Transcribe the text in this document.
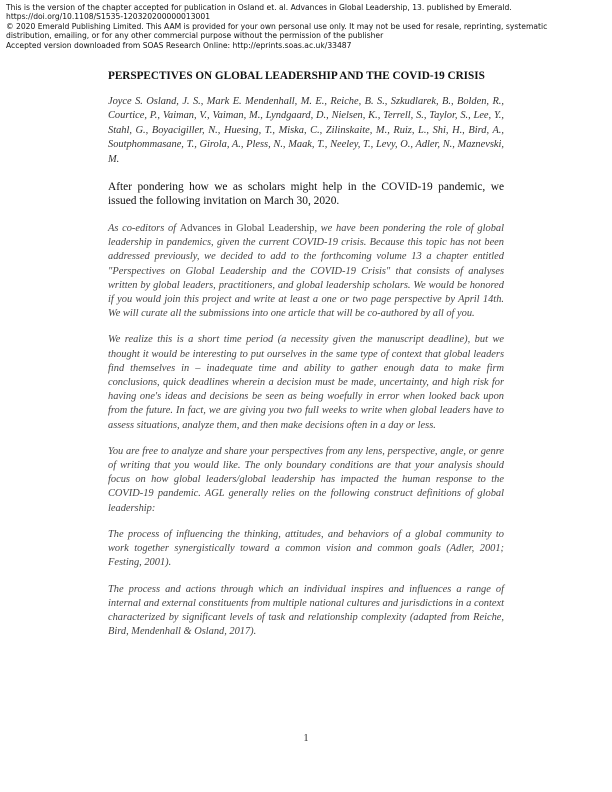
This is the version of the chapter accepted for publication in Osland et. al. Advances in Global Leadership, 13. published by Emerald.
https://doi.org/10.1108/S1535-120320200000013001
© 2020 Emerald Publishing Limited. This AAM is provided for your own personal use only. It may not be used for resale, reprinting, systematic
distribution, emailing, or for any other commercial purpose without the permission of the publisher
Accepted version downloaded from SOAS Research Online: http://eprints.soas.ac.uk/33487

PERSPECTIVES ON GLOBAL LEADERSHIP AND THE COVID-19 CRISIS

Joyce S. Osland, J. S., Mark E. Mendenhall, M. E., Reiche, B. S., Szkudlarek, B., Bolden, R., Courtice, P., Vaiman, V., Vaiman, M., Lyndgaard, D., Nielsen, K., Terrell, S., Taylor, S., Lee, Y., Stahl, G., Boyacigiller, N., Huesing, T., Miska, C., Zilinskaite, M., Ruiz, L., Shi, H., Bird, A., Soutphommasane, T., Girola, A., Pless, N., Maak, T., Neeley, T., Levy, O., Adler, N., Maznevski, M.

After pondering how we as scholars might help in the COVID-19 pandemic, we issued the following invitation on March 30, 2020.

As co-editors of Advances in Global Leadership, we have been pondering the role of global leadership in pandemics, given the current COVID-19 crisis. Because this topic has not been addressed previously, we decided to add to the forthcoming volume 13 a chapter entitled "Perspectives on Global Leadership and the COVID-19 Crisis" that consists of analyses written by global leaders, practitioners, and global leadership scholars. We would be honored if you would join this project and write at least a one or two page perspective by April 14th. We will curate all the submissions into one article that will be co-authored by all of you.

We realize this is a short time period (a necessity given the manuscript deadline), but we thought it would be interesting to put ourselves in the same type of context that global leaders find themselves in – inadequate time and ability to gather enough data to make firm conclusions, quick deadlines wherein a decision must be made, uncertainty, and high risk for having one's ideas and decisions be seen as being woefully in error when looked back upon from the future. In fact, we are giving you two full weeks to write when global leaders have to assess situations, analyze them, and then make decisions often in a day or less.

You are free to analyze and share your perspectives from any lens, perspective, angle, or genre of writing that you would like. The only boundary conditions are that your analysis should focus on how global leaders/global leadership has impacted the human response to the COVID-19 pandemic. AGL generally relies on the following construct definitions of global leadership:

The process of influencing the thinking, attitudes, and behaviors of a global community to work together synergistically toward a common vision and common goals (Adler, 2001; Festing, 2001).

The process and actions through which an individual inspires and influences a range of internal and external constituents from multiple national cultures and jurisdictions in a context characterized by significant levels of task and relationship complexity (adapted from Reiche, Bird, Mendenhall & Osland, 2017).

1
